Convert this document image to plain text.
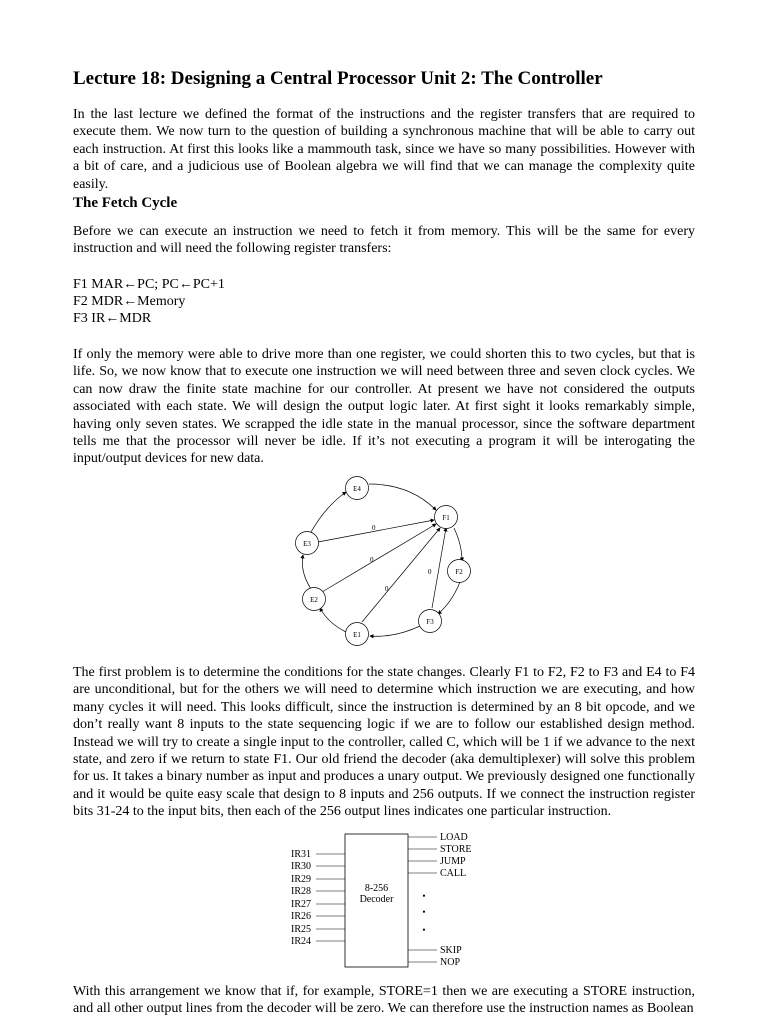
Lecture 18: Designing a Central Processor Unit 2: The Controller

In the last lecture we defined the format of the instructions and the register transfers that are required to execute them. We now turn to the question of building a synchronous machine that will be able to carry out each instruction. At first this looks like a mammouth task, since we have so many possibilities. However with a bit of care, and a judicious use of Boolean algebra we will find that we can manage the complexity quite easily.

The Fetch Cycle

Before we can execute an instruction we need to fetch it from memory. This will be the same for every instruction and will need the following register transfers:

F1 MAR←PC; PC←PC+1

F2 MDR←Memory

F3 IR←MDR

If only the memory were able to drive more than one register, we could shorten this to two cycles, but that is life. So, we now know that to execute one instruction we will need between three and seven clock cycles. We can now draw the finite state machine for our controller. At present we have not considered the outputs associated with each state. We will design the output logic later. At first sight it looks remarkably simple, having only seven states. We scrapped the idle state in the manual processor, since the software department tells me that the processor will never be idle. If it’s not executing a program it will be interogating the input/output devices for new data.

The first problem is to determine the conditions for the state changes. Clearly F1 to F2, F2 to F3 and E4 to F4 are unconditional, but for the others we will need to determine which instruction we are executing, and how many cycles it will need. This looks difficult, since the instruction is determined by an 8 bit opcode, and we don’t really want 8 inputs to the state sequencing logic if we are to follow our established design method. Instead we will try to create a single input to the controller, called C, which will be 1 if we advance to the next state, and zero if we return to state F1. Our old friend the decoder (aka demultiplexer) will solve this problem for us. It takes a binary number as input and produces a unary output. We previously designed one functionally and it would be quite easy scale that design to 8 inputs and 256 outputs. If we connect the instruction register bits 31-24 to the input bits, then each of the 256 output lines indicates one particular instruction.

With this arrangement we know that if, for example, STORE=1 then we are executing a STORE instruction, and all other output lines from the decoder will be zero. We can therefore use the instruction names as Boolean

0
0
0
0
F1
F2
F3
E1
E2
E3
E4
8-256
Decoder
IR31
IR30
IR29
IR28
IR27
IR26
IR25
IR24
LOAD
STORE
JUMP
CALL
•
•
•
SKIP
NOP
